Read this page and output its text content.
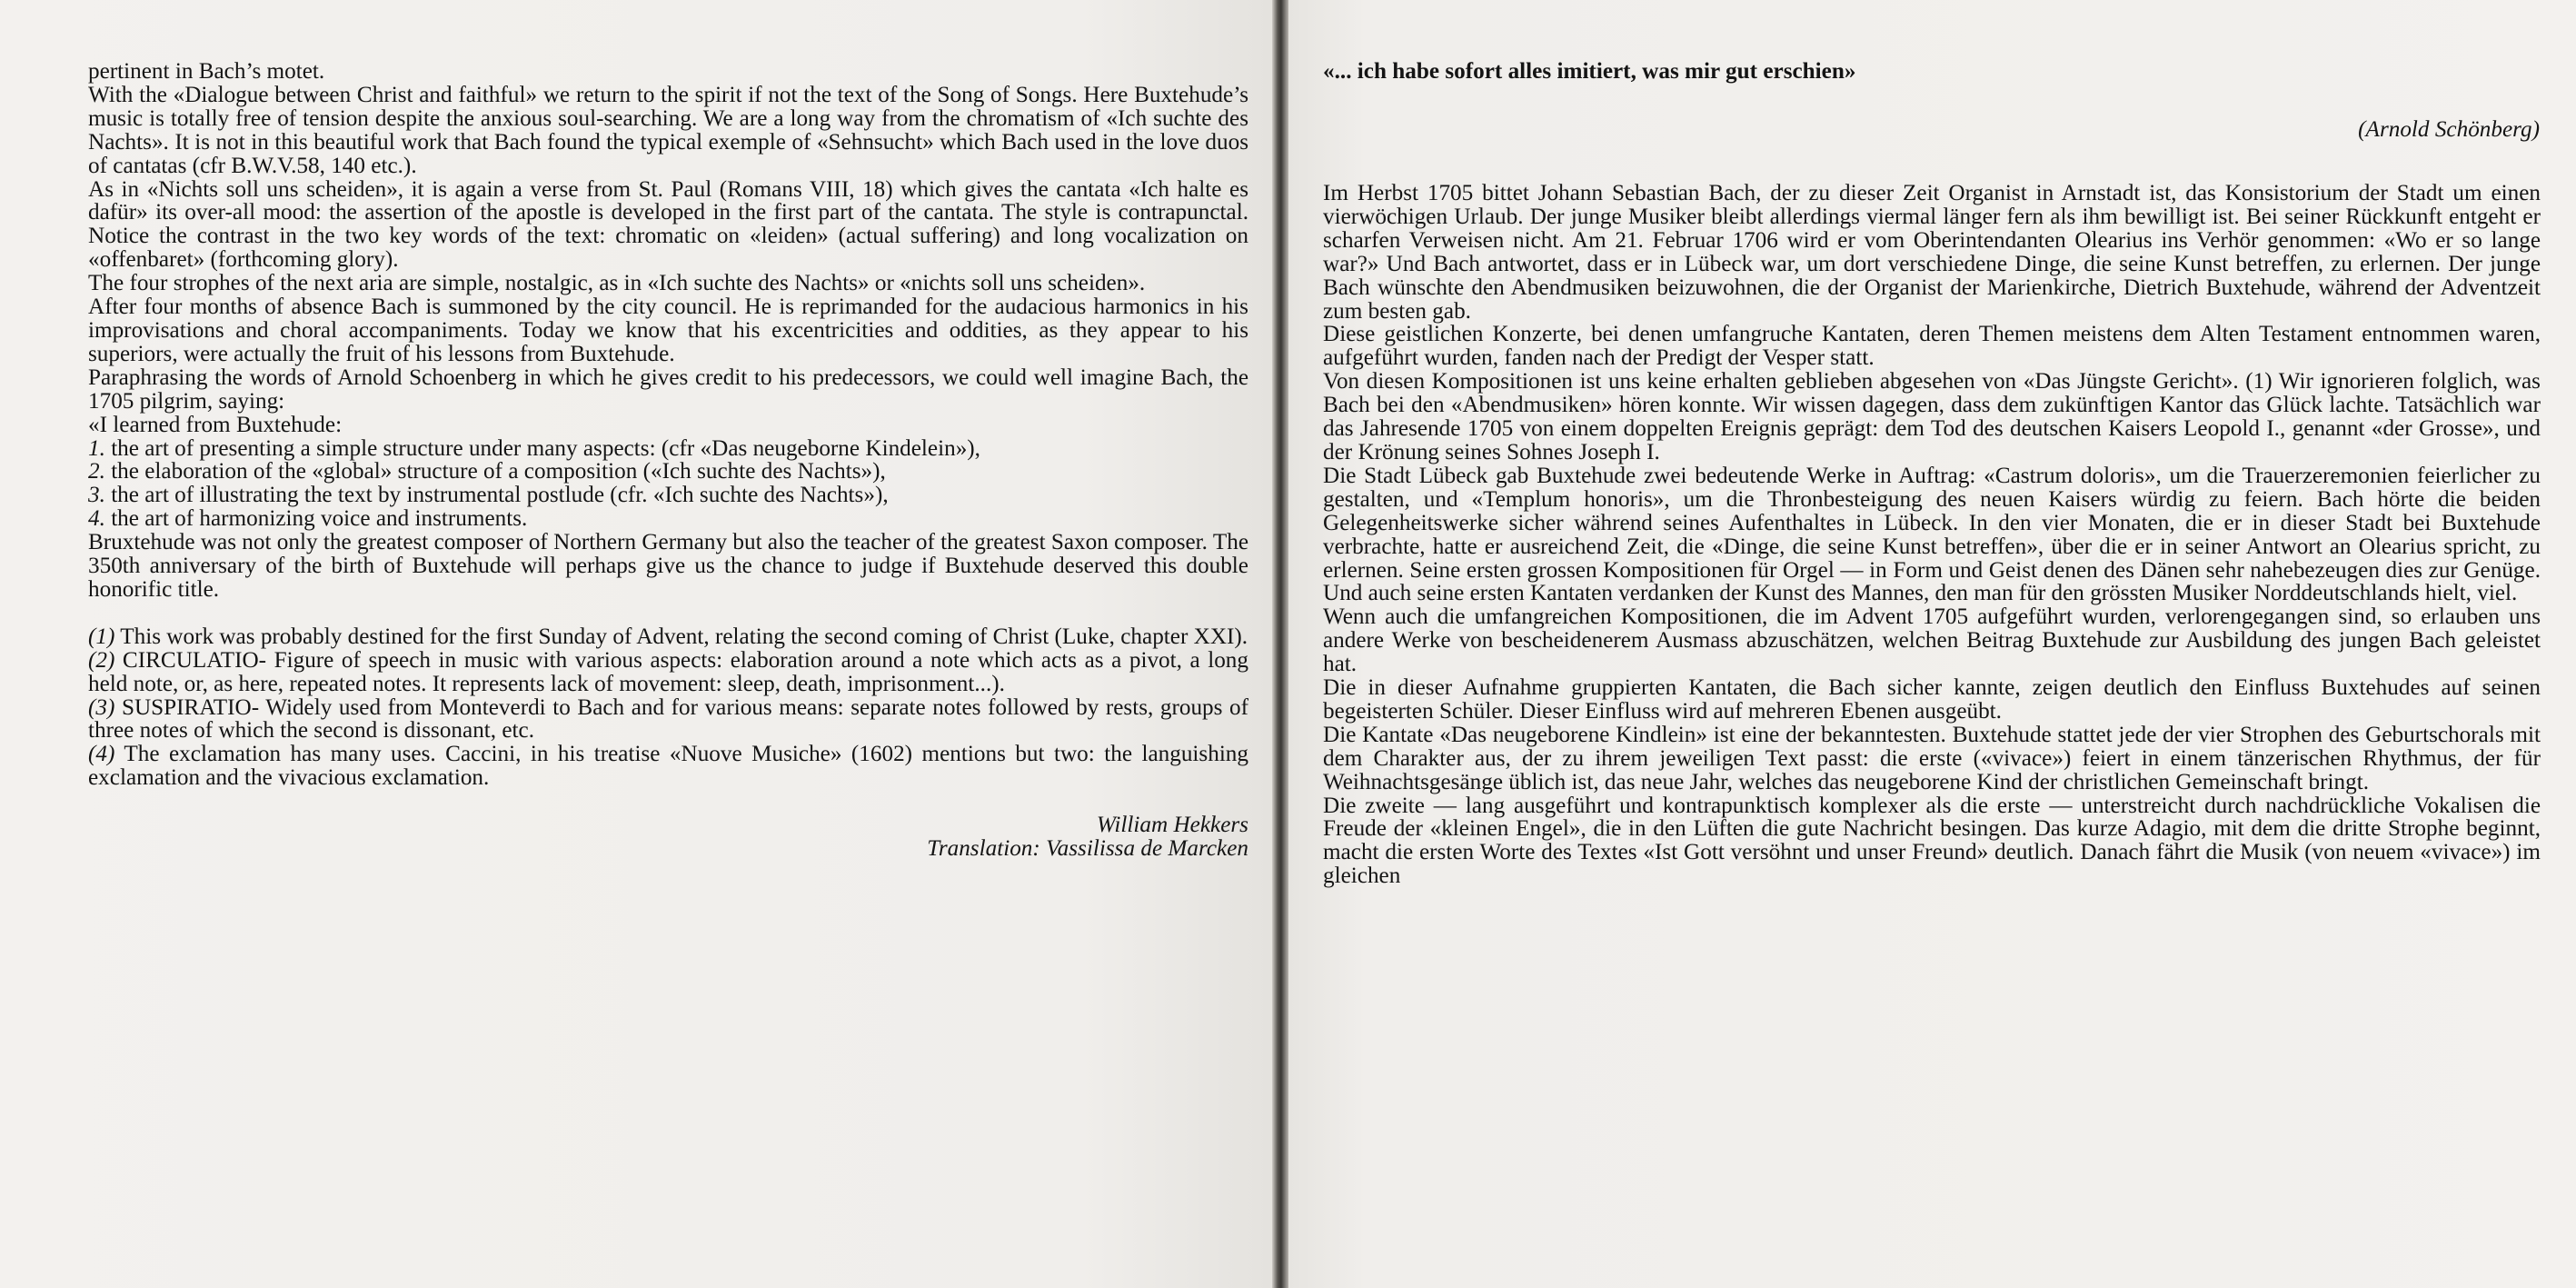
pertinent in Bach’s motet.

With the «Dialogue between Christ and faithful» we return to the spirit if not the text of the Song of Songs. Here Buxtehude’s music is totally free of tension despite the anxious soul-searching. We are a long way from the chromatism of «Ich suchte des Nachts». It is not in this beautiful work that Bach found the typical exemple of «Sehnsucht» which Bach used in the love duos of cantatas (cfr B.W.V.58, 140 etc.).

As in «Nichts soll uns scheiden», it is again a verse from St. Paul (Romans VIII, 18) which gives the cantata «Ich halte es dafür» its over-all mood: the assertion of the apostle is developed in the first part of the cantata. The style is contrapunctal. Notice the contrast in the two key words of the text: chromatic on «leiden» (actual suffering) and long vocalization on «offenbaret» (forthcoming glory).

The four strophes of the next aria are simple, nostalgic, as in «Ich suchte des Nachts» or «nichts soll uns scheiden».

After four months of absence Bach is summoned by the city council. He is reprimanded for the audacious harmonics in his improvisations and choral accompaniments. Today we know that his excentricities and oddities, as they appear to his superiors, were actually the fruit of his lessons from Buxtehude.

Paraphrasing the words of Arnold Schoenberg in which he gives credit to his predecessors, we could well imagine Bach, the 1705 pilgrim, saying:

«I learned from Buxtehude:

1. the art of presenting a simple structure under many aspects: (cfr «Das neugeborne Kindelein»),

2. the elaboration of the «global» structure of a composition («Ich suchte des Nachts»),

3. the art of illustrating the text by instrumental postlude (cfr. «Ich suchte des Nachts»),

4. the art of harmonizing voice and instruments.

Bruxtehude was not only the greatest composer of Northern Germany but also the teacher of the greatest Saxon composer. The 350th anniversary of the birth of Buxtehude will perhaps give us the chance to judge if Buxtehude deserved this double honorific title.

(1) This work was probably destined for the first Sunday of Advent, relating the second coming of Christ (Luke, chapter XXI).

(2) CIRCULATIO- Figure of speech in music with various aspects: elaboration around a note which acts as a pivot, a long held note, or, as here, repeated notes. It represents lack of movement: sleep, death, imprisonment...).

(3) SUSPIRATIO- Widely used from Monteverdi to Bach and for various means: separate notes followed by rests, groups of three notes of which the second is dissonant, etc.

(4) The exclamation has many uses. Caccini, in his treatise «Nuove Musiche» (1602) mentions but two: the languishing exclamation and the vivacious exclamation.

William Hekkers

Translation: Vassilissa de Marcken

«... ich habe sofort alles imitiert, was mir gut erschien»
(Arnold Schönberg)

Im Herbst 1705 bittet Johann Sebastian Bach, der zu dieser Zeit Organist in Arnstadt ist, das Konsistorium der Stadt um einen vierwöchigen Urlaub. Der junge Musiker bleibt allerdings viermal länger fern als ihm bewilligt ist. Bei seiner Rückkunft entgeht er scharfen Verweisen nicht. Am 21. Februar 1706 wird er vom Oberintendanten Olearius ins Verhör genommen: «Wo er so lange war?» Und Bach antwortet, dass er in Lübeck war, um dort verschiedene Dinge, die seine Kunst betreffen, zu erlernen. Der junge Bach wünschte den Abendmusiken beizuwohnen, die der Organist der Marienkirche, Dietrich Buxtehude, während der Adventzeit zum besten gab.

Diese geistlichen Konzerte, bei denen umfangruche Kantaten, deren Themen meistens dem Alten Testament entnommen waren, aufgeführt wurden, fanden nach der Predigt der Vesper statt.

Von diesen Kompositionen ist uns keine erhalten geblieben abgesehen von «Das Jüngste Gericht». (1) Wir ignorieren folglich, was Bach bei den «Abendmusiken» hören konnte. Wir wissen dagegen, dass dem zukünftigen Kantor das Glück lachte. Tatsächlich war das Jahresende 1705 von einem doppelten Ereignis geprägt: dem Tod des deutschen Kaisers Leopold I., genannt «der Grosse», und der Krönung seines Sohnes Joseph I.

Die Stadt Lübeck gab Buxtehude zwei bedeutende Werke in Auftrag: «Castrum doloris», um die Trauerzeremonien feierlicher zu gestalten, und «Templum honoris», um die Thronbesteigung des neuen Kaisers würdig zu feiern. Bach hörte die beiden Gelegenheitswerke sicher während seines Aufenthaltes in Lübeck. In den vier Monaten, die er in dieser Stadt bei Buxtehude verbrachte, hatte er ausreichend Zeit, die «Dinge, die seine Kunst betreffen», über die er in seiner Antwort an Olearius spricht, zu erlernen. Seine ersten grossen Kompositionen für Orgel — in Form und Geist denen des Dänen sehr nahebezeugen dies zur Genüge. Und auch seine ersten Kantaten verdanken der Kunst des Mannes, den man für den grössten Musiker Norddeutschlands hielt, viel.

Wenn auch die umfangreichen Kompositionen, die im Advent 1705 aufgeführt wurden, verlorengegangen sind, so erlauben uns andere Werke von bescheidenerem Ausmass abzuschätzen, welchen Beitrag Buxtehude zur Ausbildung des jungen Bach geleistet hat.

Die in dieser Aufnahme gruppierten Kantaten, die Bach sicher kannte, zeigen deutlich den Einfluss Buxtehudes auf seinen begeisterten Schüler. Dieser Einfluss wird auf mehreren Ebenen ausgeübt.

Die Kantate «Das neugeborene Kindlein» ist eine der bekanntesten. Buxtehude stattet jede der vier Strophen des Geburtschorals mit dem Charakter aus, der zu ihrem jeweiligen Text passt: die erste («vivace») feiert in einem tänzerischen Rhythmus, der für Weihnachtsgesänge üblich ist, das neue Jahr, welches das neugeborene Kind der christlichen Gemeinschaft bringt.

Die zweite — lang ausgeführt und kontrapunktisch komplexer als die erste — unterstreicht durch nachdrückliche Vokalisen die Freude der «kleinen Engel», die in den Lüften die gute Nachricht besingen. Das kurze Adagio, mit dem die dritte Strophe beginnt, macht die ersten Worte des Textes «Ist Gott versöhnt und unser Freund» deutlich. Danach fährt die Musik (von neuem «vivace») im gleichen
